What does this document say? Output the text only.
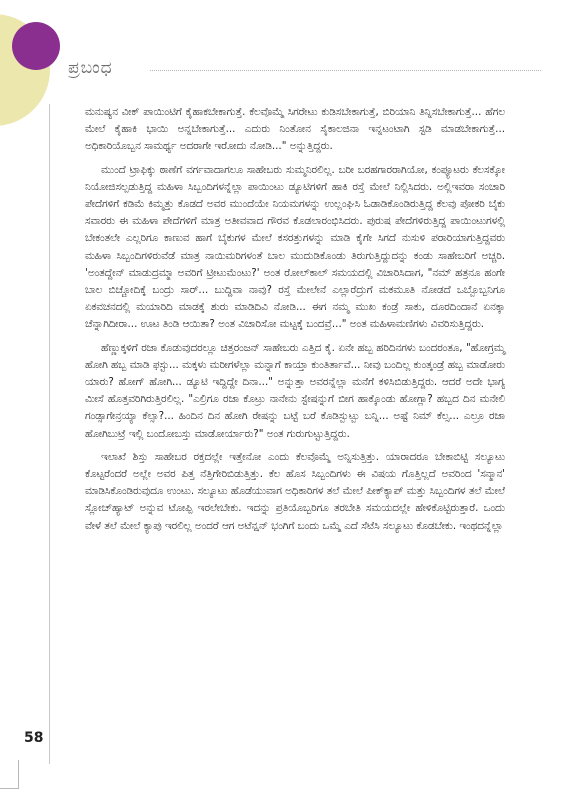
ಪ್ರಬಂಧ
58

ಮನುಷ್ಯನ ವೀಕ್ ಪಾಯಿಂಟಿಗೆ ಕೈಹಾಕಬೇಕಾಗುತ್ತೆ. ಕೆಲವೊಮ್ಮೆ ಸಿಗರೇಟು ಕುಡಿಸಬೇಕಾಗುತ್ತೆ, ಬಿರಿಯಾನಿ ತಿನ್ನಿಸಬೇಕಾಗುತ್ತೆ... ಹೆಗಲ ಮೇಲೆ ಕೈಹಾಕಿ ಭಾಯಿ ಅನ್ನಬೇಕಾಗುತ್ತೆ... ಎದುರು ನಿಂತೋನ ಸೈಕಾಲಜಿನಾ ಇನ್ನಟಂಟಾಗಿ ಸ್ಟಡಿ ಮಾಡಬೇಕಾಗುತ್ತೆ... ಅಧಿಕಾರಿಯೊಬ್ಬನ ಸಾಮರ್ಥ್ಯ ಅದರಾಗೇ ಇರೋದು ನೋಡಿ..." ಅನ್ನುತ್ತಿದ್ದರು.

ಮುಂದೆ ಟ್ರಾಫಿಕ್ಕು ಠಾಣೆಗೆ ವರ್ಗವಾದಾಗಲೂ ಸಾಹೇಬರು ಸುಮ್ಮನಿರಲಿಲ್ಲ. ಬರೀ ಬರಹಗಾರರಾಗಿಯೋ, ಕಂಪ್ಯೂಟರು ಕೆಲಸಕ್ಕೋ ನಿಯೋಜಿಸಲ್ಪಡುತ್ತಿದ್ದ ಮಹಿಳಾ ಸಿಬ್ಬಂದಿಗಳನ್ನೆಲ್ಲಾ ಪಾಯಿಂಟು ಡ್ಯೂಟಿಗಳಿಗೆ ಹಾಕಿ ರಸ್ತೆ ಮೇಲೆ ನಿಲ್ಲಿಸಿದರು. ಅಲ್ಲಿಇವರಾ ಸಂಚಾರಿ ಪೇದೆಗಳಿಗೆ ಕಡಿಮೆ ಕಿಮ್ಮತ್ತು ಕೊಡದೆ ಅವರ ಮುಂದೆಯೇ ನಿಯಮಗಳನ್ನು ಉಲ್ಲಂಘಿಸಿ ಓಡಾಡಿಕೊಂಡಿರುತ್ತಿದ್ದ ಕೆಲವು ಪೋಕರಿ ಬೈಕು ಸವಾರರು ಈ ಮಹಿಳಾ ಪೇದೆಗಳಿಗೆ ಮಾತ್ರ ಅತೀವವಾದ ಗೌರವ ಕೊಡಲಾರಂಭಿಸಿದರು. ಪುರುಷ ಪೇದೆಗಳಿರುತ್ತಿದ್ದ ಪಾಯಿಂಟುಗಳಲ್ಲಿ ಬೇಕಂತಲೇ ಎಲ್ಲರಿಗೂ ಕಾಣುವ ಹಾಗೆ ಬೈಕುಗಳ ಮೇಲೆ ಕಸರತ್ತುಗಳನ್ನು ಮಾಡಿ ಕೈಗೇ ಸಿಗದೆ ನುಸುಳಿ ಪರಾರಿಯಾಗುತ್ತಿದ್ದವರು ಮಹಿಳಾ ಸಿಬ್ಬಂದಿಗಳಿರುವೆಡೆ ಮಾತ್ರ ನಾಯಿಮರಿಗಳಂತೆ ಬಾಲ ಮುದುಡಿಕೊಂಡು ತಿರುಗುತ್ತಿದ್ದುದನ್ನು ಕಂಡು ಸಾಹೇಬರಿಗೆ ಅಚ್ಚರಿ. 'ಅಂತದ್ದೇನ್ ಮಾಡುದ್ರಮ್ಮಾ ಅವರಿಗೆ ಟ್ರೀಟುಮೆಂಟು?' ಅಂತ ರೋಲ್‌ಕಾಲ್ ಸಮಯದಲ್ಲಿ ವಿಚಾರಿಸಿದಾಗ, "ನಮ್ ಹತ್ರನೂ ಹಂಗೇ ಬಾಲ ಬಿಚ್ಚೋದಿಕ್ಕೆ ಬಂದ್ರು ಸಾರ್... ಬುದ್ದಿವಾ ನಾವು? ರಸ್ತೆ ಮೇಲೇನೆ ಎಲ್ಲಾರೆದ್ರುಗೆ ಮಕಮೂತಿ ನೋಡದೆ ಒಬ್ಬೊಬ್ಬನಿಗೂ ಏಕವಚನದಲ್ಲಿ ಮಯಾರಿದಿ ಮಾಡಕ್ಕೆ ಶುರು ಮಾಡಿದಿವಿ ನೋಡಿ... ಈಗ ನಮ್ಮ ಮುಖ ಕಂಡ್ರೆ ಸಾಕು, ದೂರದಿಂದಾನೆ ಏನಕ್ಕಾ ಚೆನ್ನಾಗಿದೀರಾ... ಊಟ ತಿಂಡಿ ಆಯಿತಾ? ಅಂತ ವಿಚಾರಿಸೋ ಮಟ್ಟಕ್ಕೆ ಬಂದವ್ರೆ..." ಅಂತ ಮಹಿಳಾಮಣಿಗಳು ವಿವರಿಸುತ್ತಿದ್ದರು.

ಹೆಣ್ಣುಕ್ಕಳಿಗೆ ರಜಾ ಕೊಡುವುದರಲ್ಲೂ ಚಿತ್ತರಂಜನ್ ಸಾಹೇಬರು ಎತ್ತಿದ ಕೈ. ಏನೇ ಹಬ್ಬ ಹರಿದಿನಗಳು ಬಂದರಂತೂ, "ಹೋಗ್ರಮ್ಮ ಹೋಗಿ ಹಬ್ಬ ಮಾಡಿ ಫಸ್ಟು... ಮಕ್ಕಳು ಮರೀಗಳೆಲ್ಲಾ ಮನ್ನಾಗೆ ಕಾಯ್ತಾ ಕುಂತಿರ್ತಾವೆ... ನೀವು ಬಂದಿಲ್ಲ ಕುಂತ್ಕಂಡ್ರೆ ಹಬ್ಬ ಮಾಡೋರು ಯಾರು? ಹೋಗ್ ಹೋಗಿ... ಡ್ಯೂಟಿ ಇದ್ದಿದ್ದೇ ದಿನಾ..." ಅನ್ನುತ್ತಾ ಅವರನ್ನೆಲ್ಲಾ ಮನೆಗೆ ಕಳಿಸಿಬಿಡುತ್ತಿದ್ದರು. ಆದರೆ ಅದೇ ಭಾಗ್ಯ ಮೀಸೆ ಹೊತ್ತವರಿಗಿರುತ್ತಿರಲಿಲ್ಲ. "ಎಲ್ರಿಗೂ ರಜಾ ಕೊಟ್ರು ನಾನೇನು ಸ್ಟೇಷನ್ನುಗೆ ಬೀಗ ಹಾಕ್ಕೊಂಡು ಹೋಗ್ಲಾ? ಹಬ್ಬದ ದಿನ ಮನೇಲಿ ಗಂಡ್ಸಾಗೇನ್ರಯ್ಯಾ ಕೆಲ್ಸಾ?... ಹಿಂದಿನ ದಿನ ಹೋಗಿ ರೇಷನ್ನು ಬಟ್ಟೆ ಬರೆ ಕೊಡಿಸ್ಬುಟ್ಬು ಬನ್ನಿ... ಅಷ್ಟೆ ನಿಮ್ ಕೆಲ್ಸ... ಎಲ್ರೂ ರಜಾ ಹೋಗಿಬುಟ್ರೆ ಇಲ್ಲಿ ಬಂದೋಬಸ್ತು ಮಾಡೋರ್ಯಾರು?" ಅಂತ ಗುರುಗುಟ್ಟುತ್ತಿದ್ದರು.

ಇಲಾಖೆ ಶಿಸ್ತು ಸಾಹೇಬರ ರಕ್ತದಲ್ಲೇ ಇತ್ತೇನೋ ಎಂದು ಕೆಲವೊಮ್ಮೆ ಅನ್ನಿಸುತ್ತಿತ್ತು. ಯಾರಾದರೂ ಬೇಕಾಬಿಟ್ಟಿ ಸಲ್ಯೂಟು ಕೊಟ್ಟರೆಂದರೆ ಅಲ್ಲೇ ಅವರ ಪಿತ್ತ ನೆತ್ತಿಗೇರಿಬಿಡುತ್ತಿತ್ತು. ಕೆಲ ಹೊಸ ಸಿಬ್ಬಂದಿಗಳು ಈ ವಿಷಯ ಗೊತ್ತಿಲ್ಲದೆ ಅವರಿಂದ 'ಸನ್ಮಾನ' ಮಾಡಿಸಿಕೊಂಡಿರುವುದೂ ಉಂಟು. ಸಲ್ಯೂಟು ಹೊಡೆಯುವಾಗ ಅಧಿಕಾರಿಗಳ ತಲೆ ಮೇಲೆ ಪೀಕ್‌ಕ್ಯಾಪ್ ಮತ್ತು ಸಿಬ್ಬಂದಿಗಳ ತಲೆ ಮೇಲೆ ಸ್ಲೋಚ್‌ಹ್ಯಾಟ್ ಅನ್ನುವ ಟೋಪ್ಪಿ ಇರಲೇಬೇಕು. ಇದನ್ನು ಪ್ರತಿಯೊಬ್ಬರಿಗೂ ತರಬೇತಿ ಸಮಯದಲ್ಲೇ ಹೇಳಿಕೊಟ್ಟಿರುತ್ತಾರೆ. ಒಂದು ವೇಳೆ ತಲೆ ಮೇಲೆ ಕ್ಯಾಪು ಇರಲಿಲ್ಲ ಅಂದರೆ ಆಗ ಅಟೆನ್ಷನ್ ಭಂಗಿಗೆ ಬಂದು ಒಮ್ಮೆ ಎದೆ ಸೆಟೆಸಿ ಸಲ್ಯೂಟು ಕೊಡಬೇಕು. ಇಂಥದನ್ನೆಲ್ಲಾ
